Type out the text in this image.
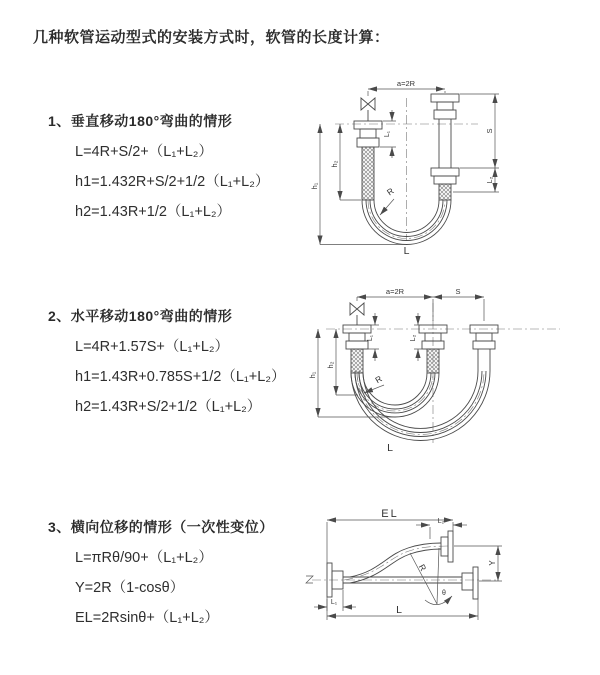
几种软管运动型式的安装方式时，软管的长度计算：
1、垂直移动180°弯曲的情形
L=4R+S/2+（L₁+L₂）
h1=1.432R+S/2+1/2（L₁+L₂）
h2=1.43R+1/2（L₁+L₂）
2、水平移动180°弯曲的情形
L=4R+1.57S+（L₁+L₂）
h1=1.43R+0.785S+1/2（L₁+L₂）
h2=1.43R+S/2+1/2（L₁+L₂）
3、横向位移的情形（一次性变位）
L=πRθ/90+（L₁+L₂）
Y=2R（1-cosθ）
EL=2Rsinθ+（L₁+L₂）
a=2R
L₁	S
L₂
h₁
h₂
R
L
a=2R	S
L₁	L₂
h₁
h₂
R
L
θ
R
EL
L₂
Y
L₁
L
